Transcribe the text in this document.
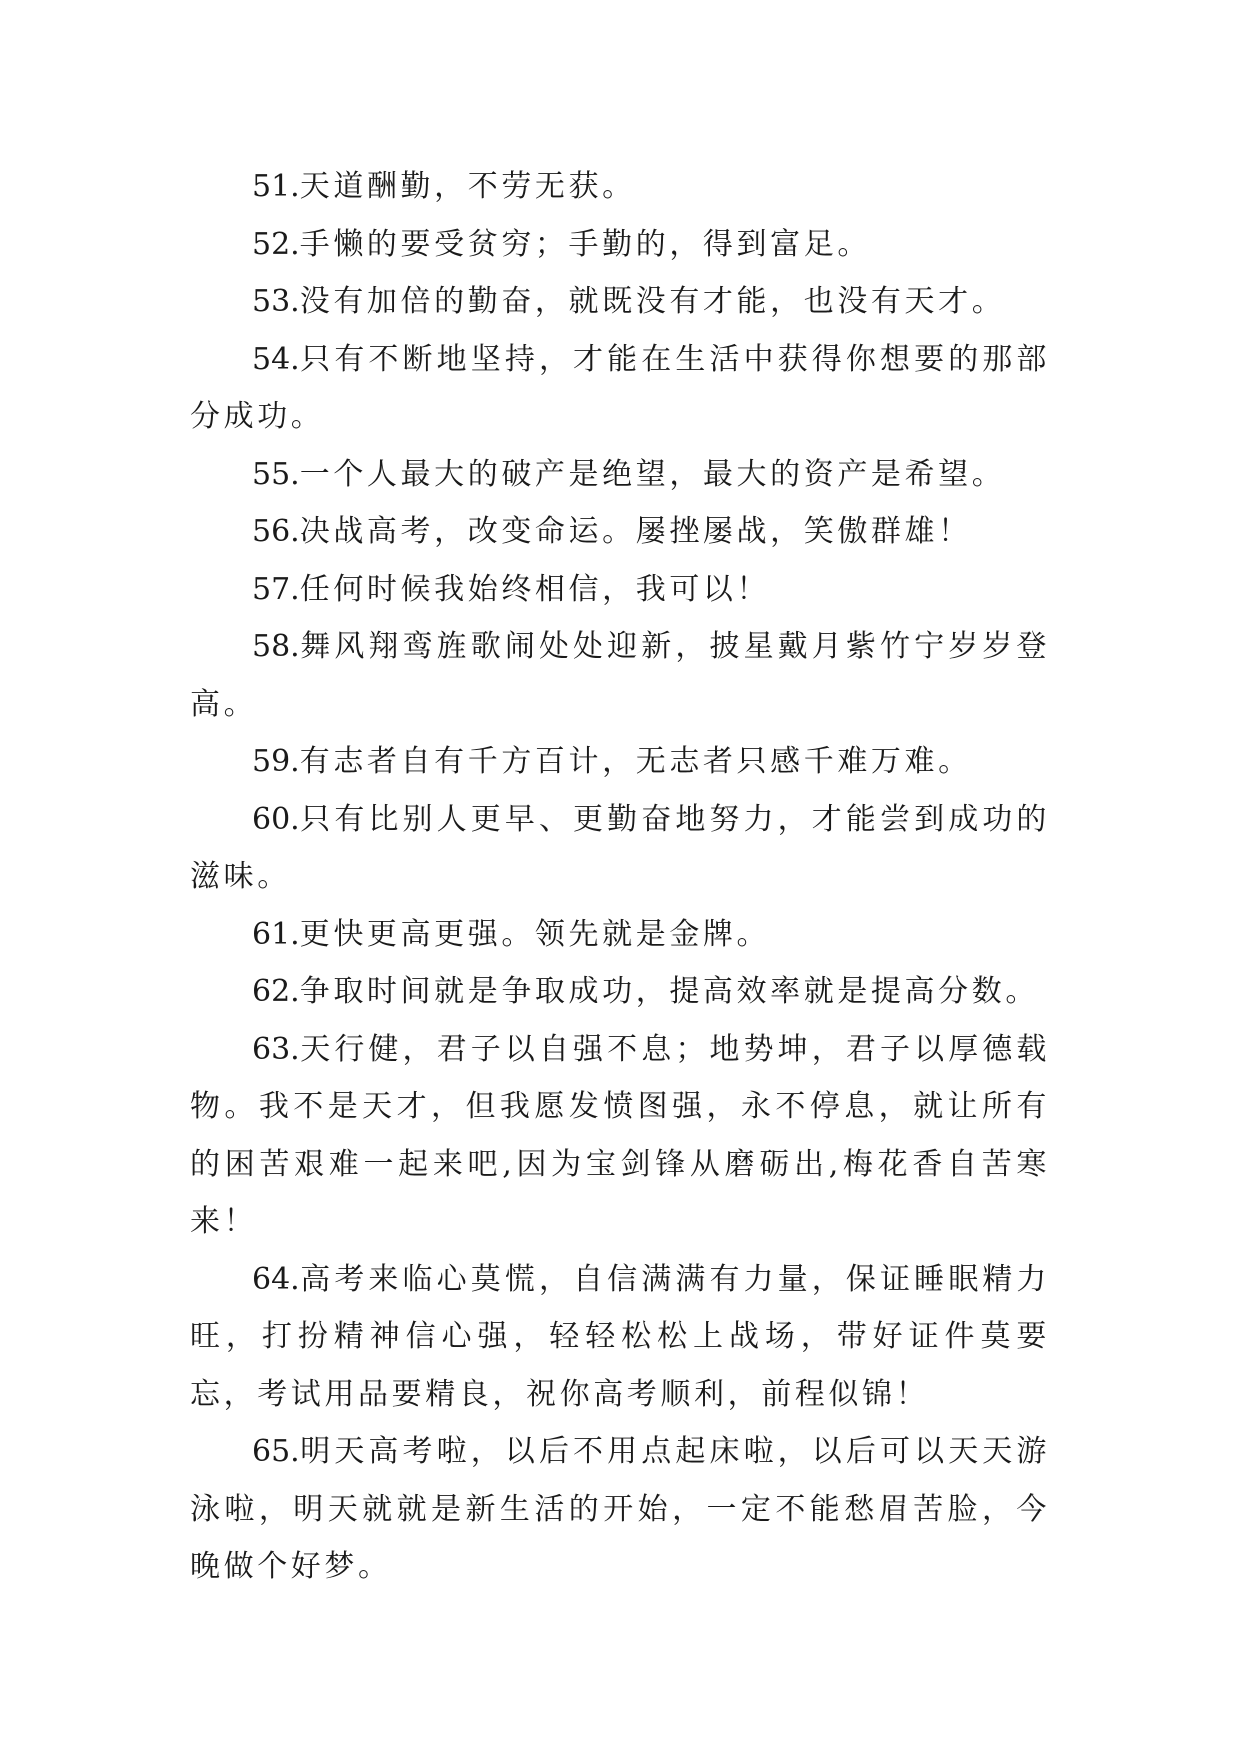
51.天道酬勤，不劳无获。

52.手懒的要受贫穷；手勤的，得到富足。

53.没有加倍的勤奋，就既没有才能，也没有天才。

54.只有不断地坚持，才能在生活中获得你想要的那部分成功。

55.一个人最大的破产是绝望，最大的资产是希望。

56.决战高考，改变命运。屡挫屡战，笑傲群雄！

57.任何时候我始终相信，我可以！

58.舞风翔鸾旌歌闹处处迎新，披星戴月紫竹宁岁岁登高。

59.有志者自有千方百计，无志者只感千难万难。

60.只有比别人更早、更勤奋地努力，才能尝到成功的滋味。

61.更快更高更强。领先就是金牌。

62.争取时间就是争取成功，提高效率就是提高分数。

63.天行健，君子以自强不息；地势坤，君子以厚德载物。我不是天才，但我愿发愤图强，永不停息，就让所有的困苦艰难一起来吧,因为宝剑锋从磨砺出,梅花香自苦寒来！

64.高考来临心莫慌，自信满满有力量，保证睡眠精力旺，打扮精神信心强，轻轻松松上战场，带好证件莫要忘，考试用品要精良，祝你高考顺利，前程似锦！

65.明天高考啦，以后不用点起床啦，以后可以天天游泳啦，明天就就是新生活的开始，一定不能愁眉苦脸，今晚做个好梦。
